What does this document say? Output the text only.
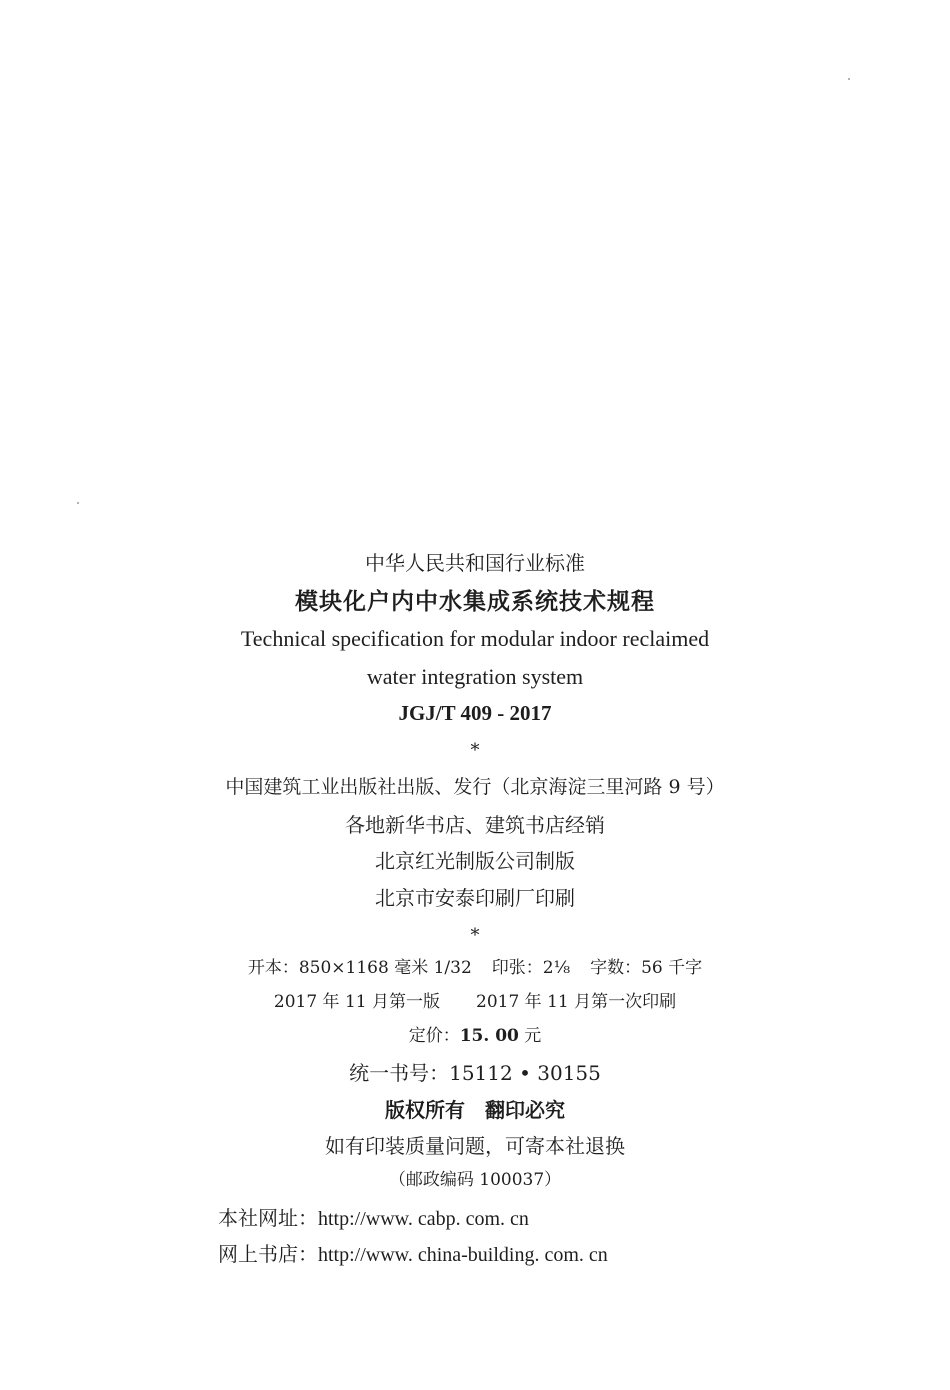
中华人民共和国行业标准
模块化户内中水集成系统技术规程
Technical specification for modular indoor reclaimed
water integration system
JGJ/T 409 - 2017
*
中国建筑工业出版社出版、发行（北京海淀三里河路 9 号）
各地新华书店、建筑书店经销
北京红光制版公司制版
北京市安泰印刷厂印刷
*
开本：850×1168 毫米 1/32 印张：2⅛ 字数：56 千字
2017 年 11 月第一版 2017 年 11 月第一次印刷
定价：15. 00 元
统一书号：15112 • 30155
版权所有 翻印必究
如有印装质量问题，可寄本社退换
（邮政编码 100037）
本社网址：http://www. cabp. com. cn
网上书店：http://www. china-building. com. cn
